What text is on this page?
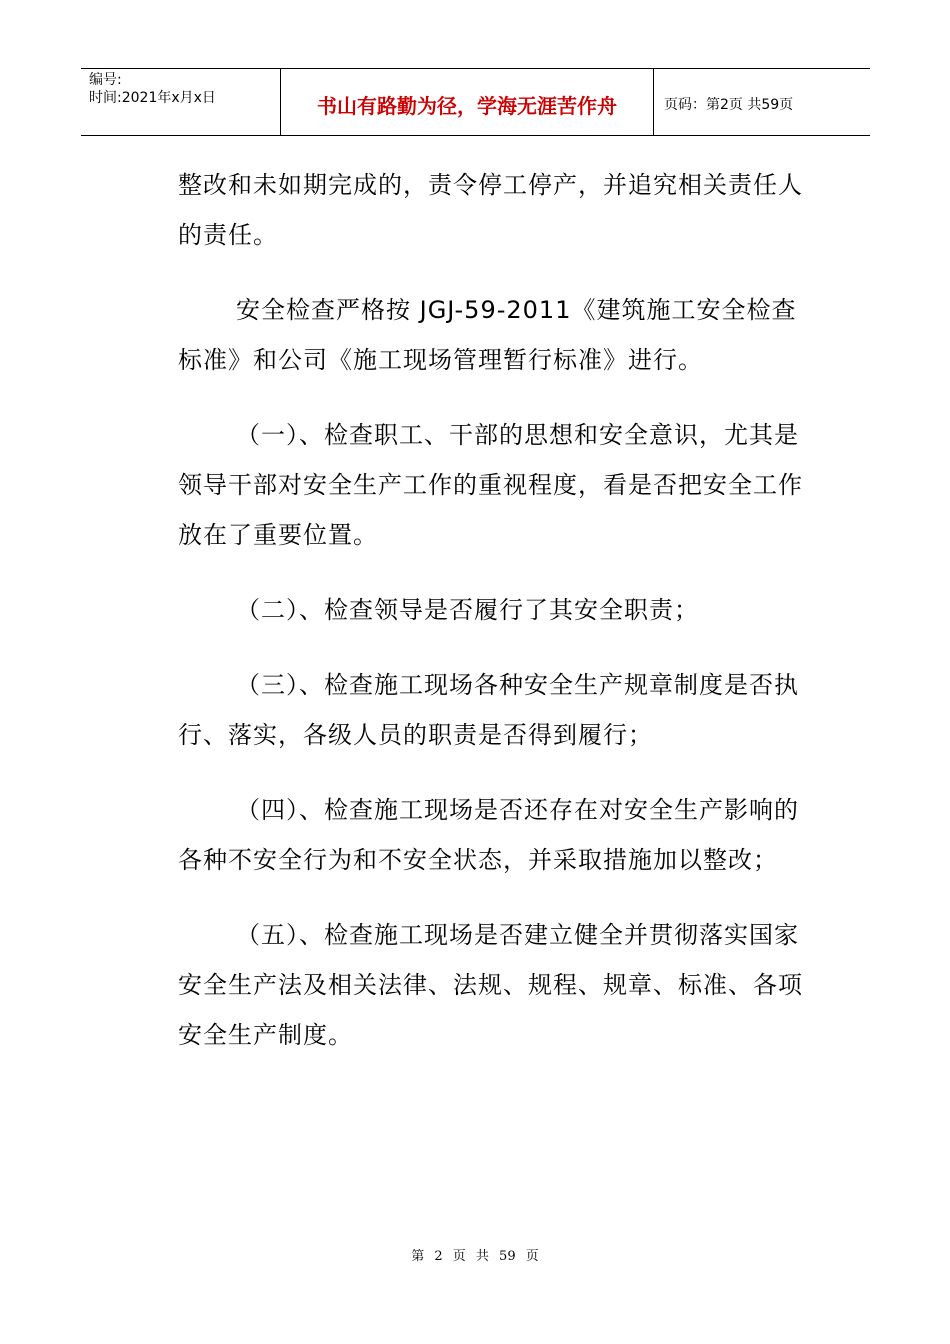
编号:
时间:2021年x月x日	书山有路勤为径，学海无涯苦作舟	页码：第2页 共59页

整改和未如期完成的，责令停工停产，并追究相关责任人的责任。

安全检查严格按 JGJ-59-2011《建筑施工安全检查标准》和公司《施工现场管理暂行标准》进行。

（一）、检查职工、干部的思想和安全意识，尤其是领导干部对安全生产工作的重视程度，看是否把安全工作放在了重要位置。

（二）、检查领导是否履行了其安全职责；

（三）、检查施工现场各种安全生产规章制度是否执行、落实，各级人员的职责是否得到履行；

（四）、检查施工现场是否还存在对安全生产影响的各种不安全行为和不安全状态，并采取措施加以整改；

（五）、检查施工现场是否建立健全并贯彻落实国家安全生产法及相关法律、法规、规程、规章、标准、各项安全生产制度。

第 2 页 共 59 页
